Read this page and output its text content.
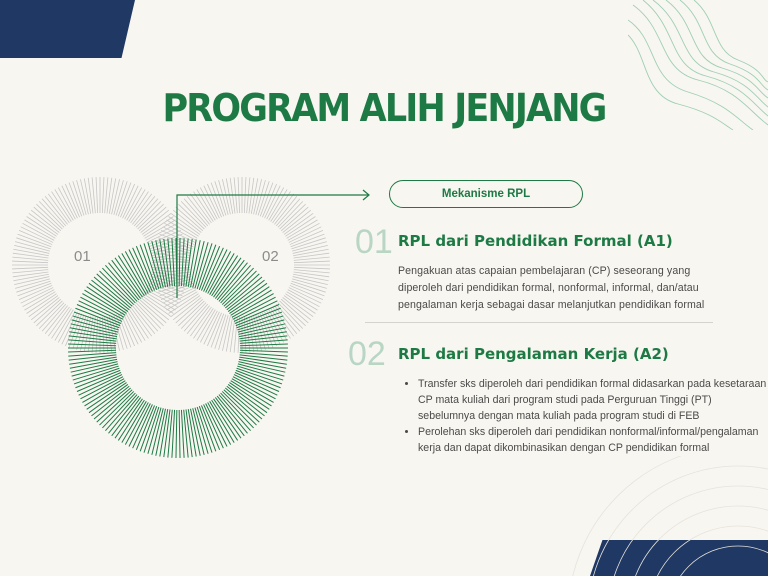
PROGRAM ALIH JENJANG
01	02
Mekanisme RPL
01 RPL dari Pendidikan Formal (A1)

Pengakuan atas capaian pembelajaran (CP) seseorang yang diperoleh dari pendidikan formal, nonformal, informal, dan/atau pengalaman kerja sebagai dasar melanjutkan pendidikan formal

02 RPL dari Pengalaman Kerja (A2)
• Transfer sks diperoleh dari pendidikan formal didasarkan pada kesetaraan CP mata kuliah dari program studi pada Perguruan Tinggi (PT) sebelumnya dengan mata kuliah pada program studi di FEB
• Perolehan sks diperoleh dari pendidikan nonformal/informal/pengalaman kerja dan dapat dikombinasikan dengan CP pendidikan formal
